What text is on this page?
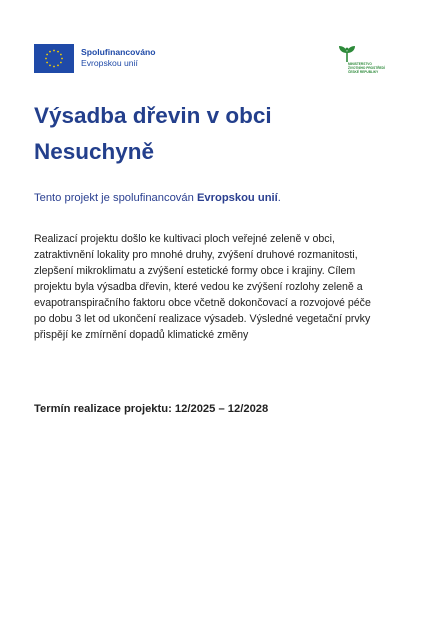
Spolufinancováno
Evropskou unií	MINISTERSTVO
ŽIVOTNÍHO PROSTŘEDÍ
ČESKÉ REPUBLIKY
Výsadba dřevin v obci
Nesuchyně
Tento projekt je spolufinancován Evropskou unií.
Realizací projektu došlo ke kultivaci ploch veřejné zeleně v obci, zatraktivnění lokality pro mnohé druhy, zvýšení druhové rozmanitosti, zlepšení mikroklimatu a zvýšení estetické formy obce i krajiny. Cílem projektu byla výsadba dřevin, které vedou ke zvýšení rozlohy zeleně a evapotranspiračního faktoru obce včetně dokončovací a rozvojové péče po dobu 3 let od ukončení realizace výsadeb. Výsledné vegetační prvky přispějí ke zmírnění dopadů klimatické změny
Termín realizace projektu: 12/2025 – 12/2028
